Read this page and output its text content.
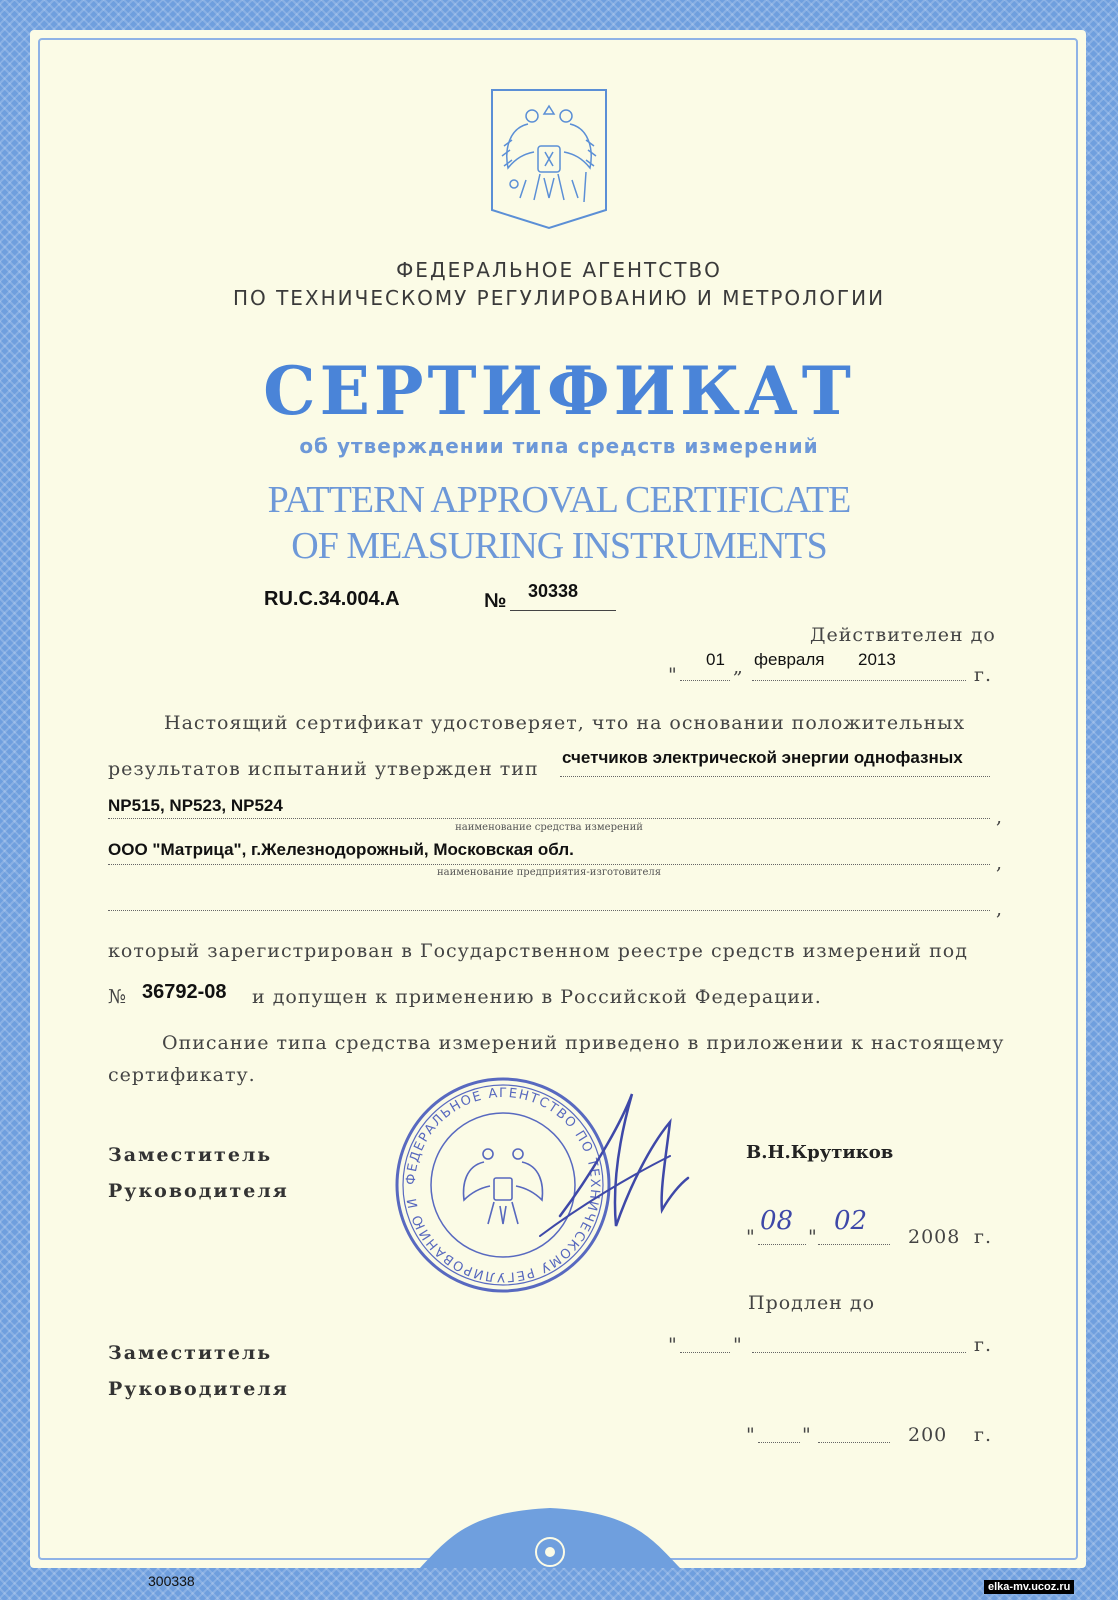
ФЕДЕРАЛЬНОЕ АГЕНТСТВО
ПО ТЕХНИЧЕСКОМУ РЕГУЛИРОВАНИЮ И МЕТРОЛОГИИ
СЕРТИФИКАТ
об утверждении типа средств измерений
PATTERN APPROVAL CERTIFICATE
OF MEASURING INSTRUMENTS
RU.C.34.004.A	№ 30338
Действителен до
"
01 „ февраля 2013
г.
Настоящий сертификат удостоверяет, что на основании положительных
результатов испытаний утвержден тип
счетчиков электрической энергии однофазных
NP515, NP523, NP524
,
наименование средства измерений
ООО "Матрица", г.Железнодорожный, Московская обл.
,
наименование предприятия-изготовителя
,
который зарегистрирован в Государственном реестре средств измерений под
№ 36792-08 и допущен к применению в Российской Федерации.
Описание типа средства измерений приведено в приложении к настоящему
сертификату.
ФЕДЕРАЛЬНОЕ АГЕНТСТВО ПО ТЕХНИЧЕСКОМУ РЕГУЛИРОВАНИЮ И
Заместитель
Руководителя
В.Н.Крутиков
"
08
"
02
2008 г.
Продлен до
"	"	г.
Заместитель
Руководителя
" "	200 г.
300338	elka-mv.ucoz.ru
